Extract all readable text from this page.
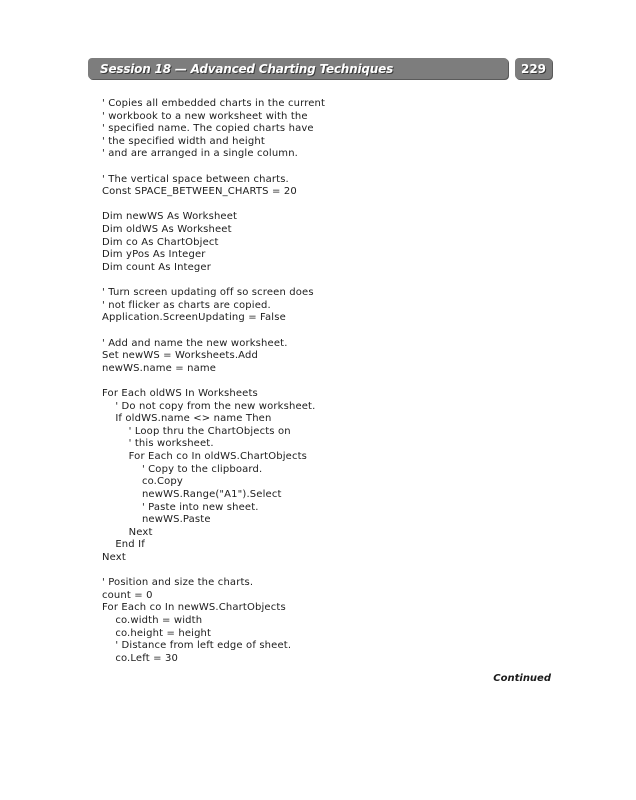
Session 18 — Advanced Charting Techniques	229
' Copies all embedded charts in the current
' workbook to a new worksheet with the
' specified name. The copied charts have
' the specified width and height
' and are arranged in a single column.
' The vertical space between charts.
Const SPACE_BETWEEN_CHARTS = 20
Dim newWS As Worksheet
Dim oldWS As Worksheet
Dim co As ChartObject
Dim yPos As Integer
Dim count As Integer
' Turn screen updating off so screen does
' not flicker as charts are copied.
Application.ScreenUpdating = False
' Add and name the new worksheet.
Set newWS = Worksheets.Add
newWS.name = name
For Each oldWS In Worksheets
' Do not copy from the new worksheet.
If oldWS.name <> name Then
' Loop thru the ChartObjects on
' this worksheet.
For Each co In oldWS.ChartObjects
' Copy to the clipboard.
co.Copy
newWS.Range("A1").Select
' Paste into new sheet.
newWS.Paste
Next
End If
Next
' Position and size the charts.
count = 0
For Each co In newWS.ChartObjects
co.width = width
co.height = height
' Distance from left edge of sheet.
co.Left = 30
Continued
